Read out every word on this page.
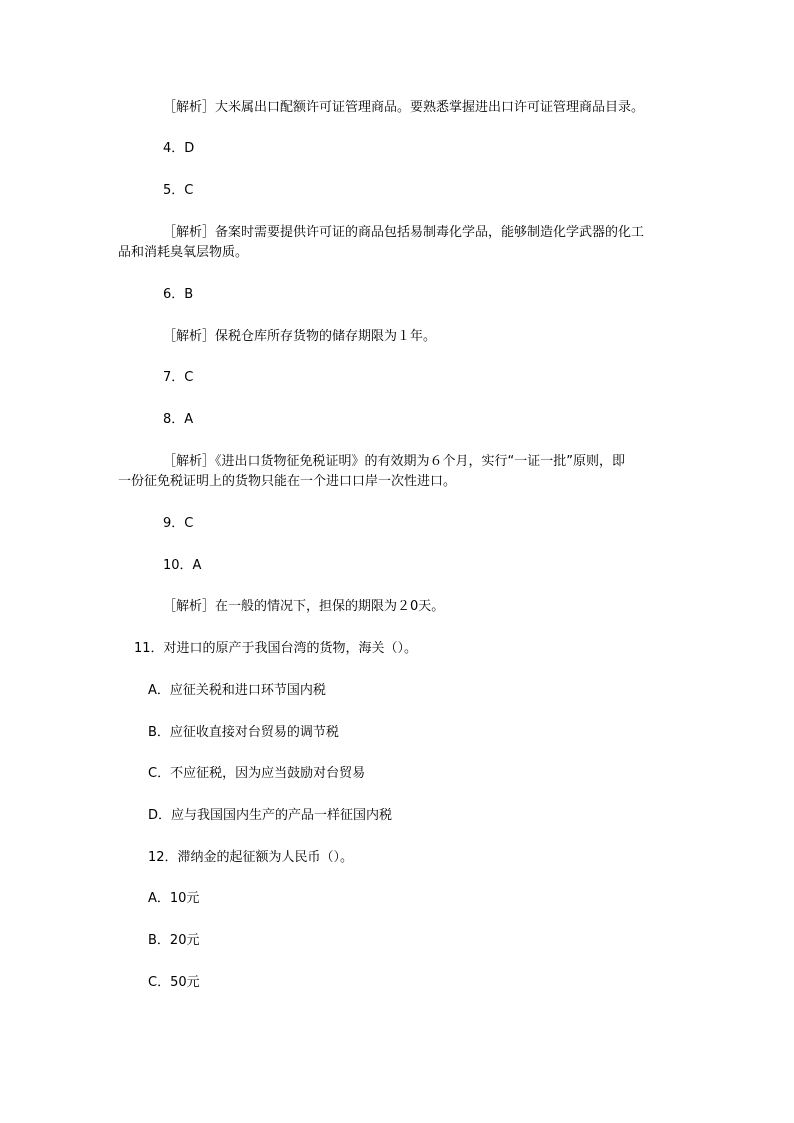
［解析］大米属出口配额许可证管理商品。要熟悉掌握进出口许可证管理商品目录。
4．D
5．C
［解析］备案时需要提供许可证的商品包括易制毒化学品，能够制造化学武器的化工
品和消耗臭氧层物质。
6．B
［解析］保税仓库所存货物的储存期限为１年。
7．C
8．A
［解析］《进出口货物征免税证明》的有效期为６个月，实行“一证一批”原则，即
一份征免税证明上的货物只能在一个进口口岸一次性进口。
9．C
10．A
［解析］在一般的情况下，担保的期限为２0天。
11．对进口的原产于我国台湾的货物，海关（）。
A．应征关税和进口环节国内税
B．应征收直接对台贸易的调节税
C．不应征税，因为应当鼓励对台贸易
D．应与我国国内生产的产品一样征国内税
12．滞纳金的起征额为人民币（）。
A．10元
B．20元
C．50元
